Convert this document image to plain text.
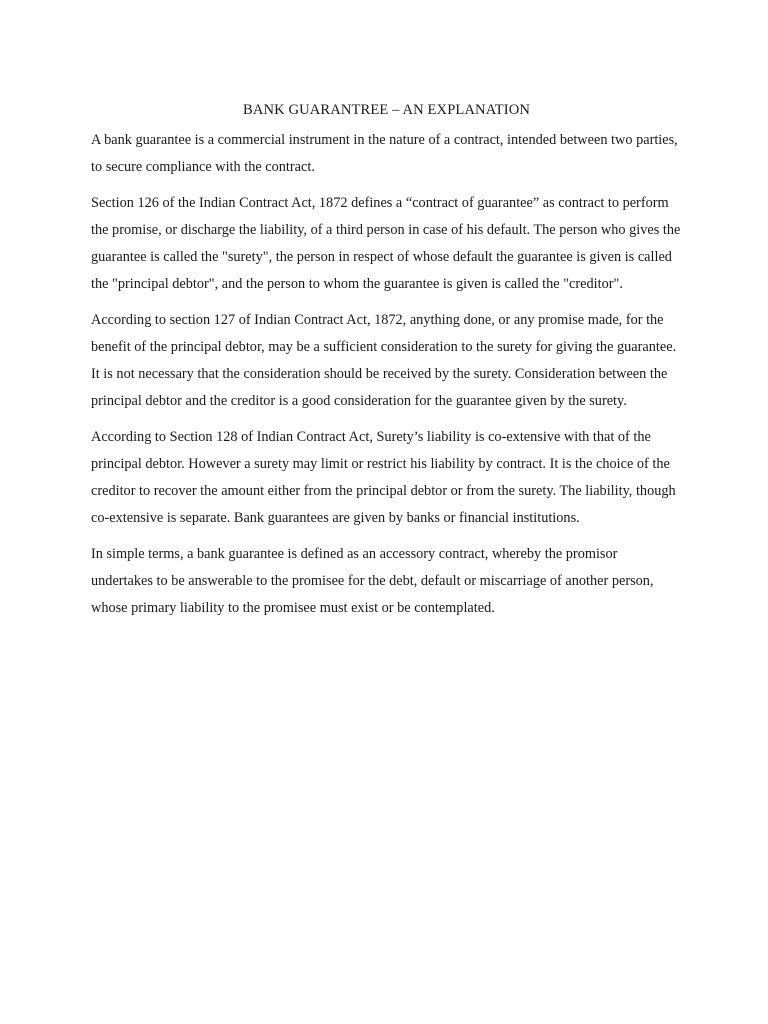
BANK GUARANTREE – AN EXPLANATION

A bank guarantee is a commercial instrument in the nature of a contract, intended between two parties, to secure compliance with the contract.

Section 126 of the Indian Contract Act, 1872 defines a “contract of guarantee” as contract to perform the promise, or discharge the liability, of a third person in case of his default. The person who gives the guarantee is called the "surety", the person in respect of whose default the guarantee is given is called the "principal debtor", and the person to whom the guarantee is given is called the "creditor".

According to section 127 of Indian Contract Act, 1872, anything done, or any promise made, for the benefit of the principal debtor, may be a sufficient consideration to the surety for giving the guarantee. It is not necessary that the consideration should be received by the surety. Consideration between the principal debtor and the creditor is a good consideration for the guarantee given by the surety.

According to Section 128 of Indian Contract Act, Surety’s liability is co-extensive with that of the principal debtor. However a surety may limit or restrict his liability by contract. It is the choice of the creditor to recover the amount either from the principal debtor or from the surety. The liability, though co-extensive is separate. Bank guarantees are given by banks or financial institutions.

In simple terms, a bank guarantee is defined as an accessory contract, whereby the promisor undertakes to be answerable to the promisee for the debt, default or miscarriage of another person, whose primary liability to the promisee must exist or be contemplated.
